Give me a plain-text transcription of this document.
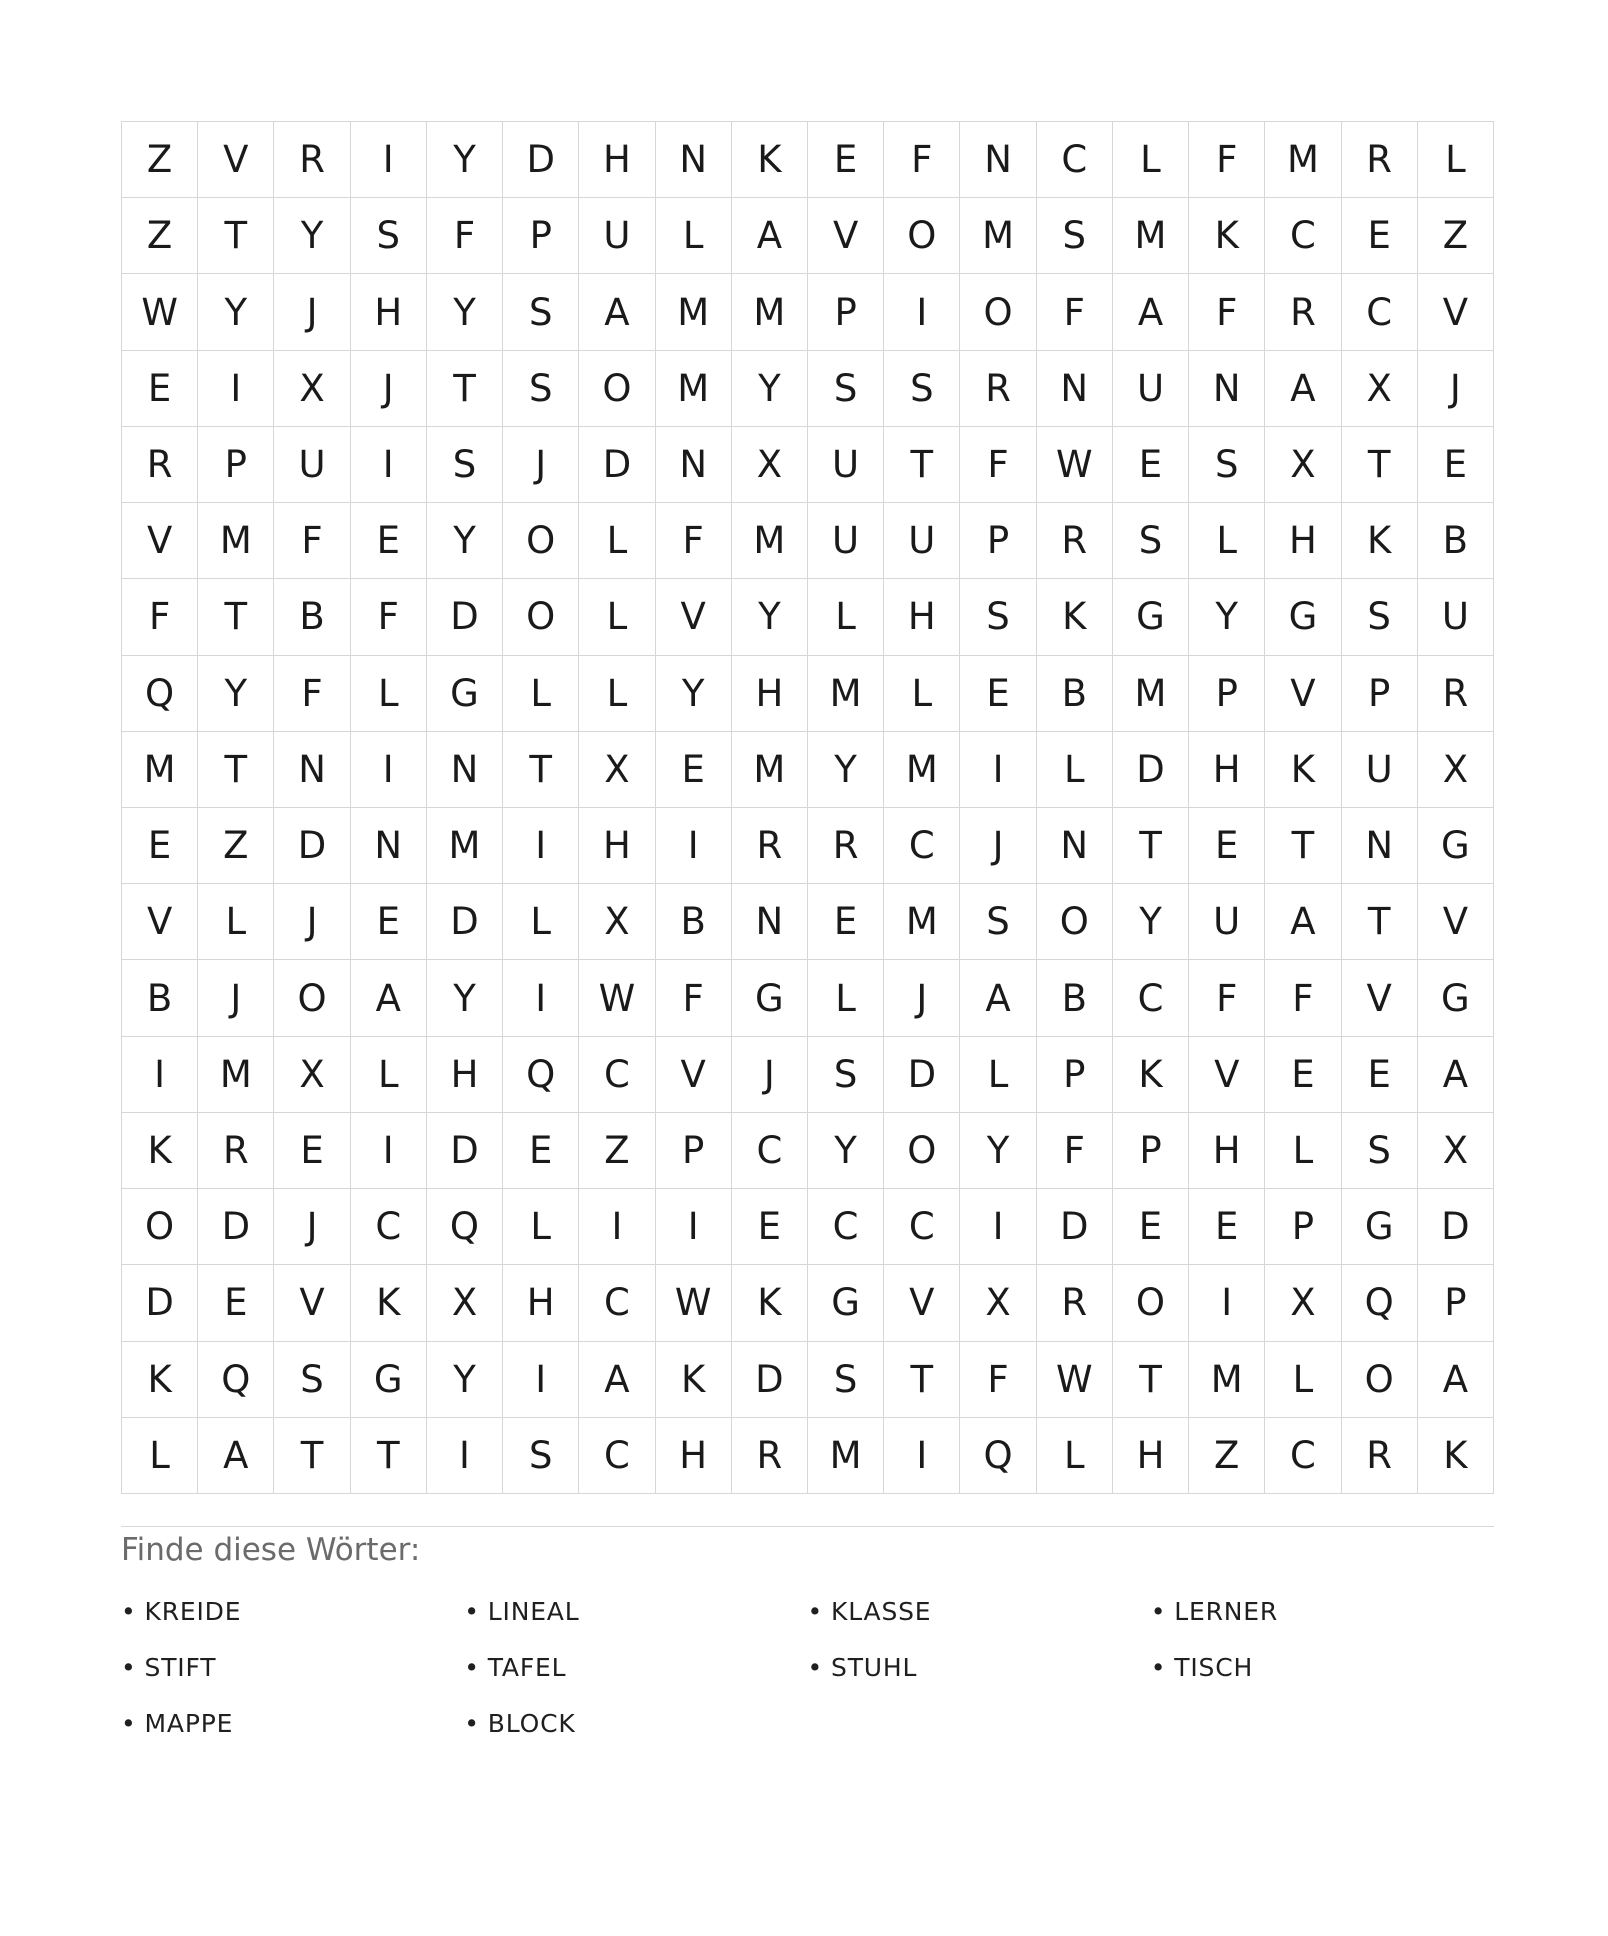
Z	V	R	I	Y	D	H	N	K	E	F	N	C	L	F	M	R	L
Z	T	Y	S	F	P	U	L	A	V	O	M	S	M	K	C	E	Z
W	Y	J	H	Y	S	A	M	M	P	I	O	F	A	F	R	C	V
E	I	X	J	T	S	O	M	Y	S	S	R	N	U	N	A	X	J
R	P	U	I	S	J	D	N	X	U	T	F	W	E	S	X	T	E
V	M	F	E	Y	O	L	F	M	U	U	P	R	S	L	H	K	B
F	T	B	F	D	O	L	V	Y	L	H	S	K	G	Y	G	S	U
Q	Y	F	L	G	L	L	Y	H	M	L	E	B	M	P	V	P	R
M	T	N	I	N	T	X	E	M	Y	M	I	L	D	H	K	U	X
E	Z	D	N	M	I	H	I	R	R	C	J	N	T	E	T	N	G
V	L	J	E	D	L	X	B	N	E	M	S	O	Y	U	A	T	V
B	J	O	A	Y	I	W	F	G	L	J	A	B	C	F	F	V	G
I	M	X	L	H	Q	C	V	J	S	D	L	P	K	V	E	E	A
K	R	E	I	D	E	Z	P	C	Y	O	Y	F	P	H	L	S	X
O	D	J	C	Q	L	I	I	E	C	C	I	D	E	E	P	G	D
D	E	V	K	X	H	C	W	K	G	V	X	R	O	I	X	Q	P
K	Q	S	G	Y	I	A	K	D	S	T	F	W	T	M	L	O	A
L	A	T	T	I	S	C	H	R	M	I	Q	L	H	Z	C	R	K
Finde diese Wörter:
• KREIDE	• LINEAL	• KLASSE	• LERNER
• STIFT	• TAFEL	• STUHL	• TISCH
• MAPPE	• BLOCK
